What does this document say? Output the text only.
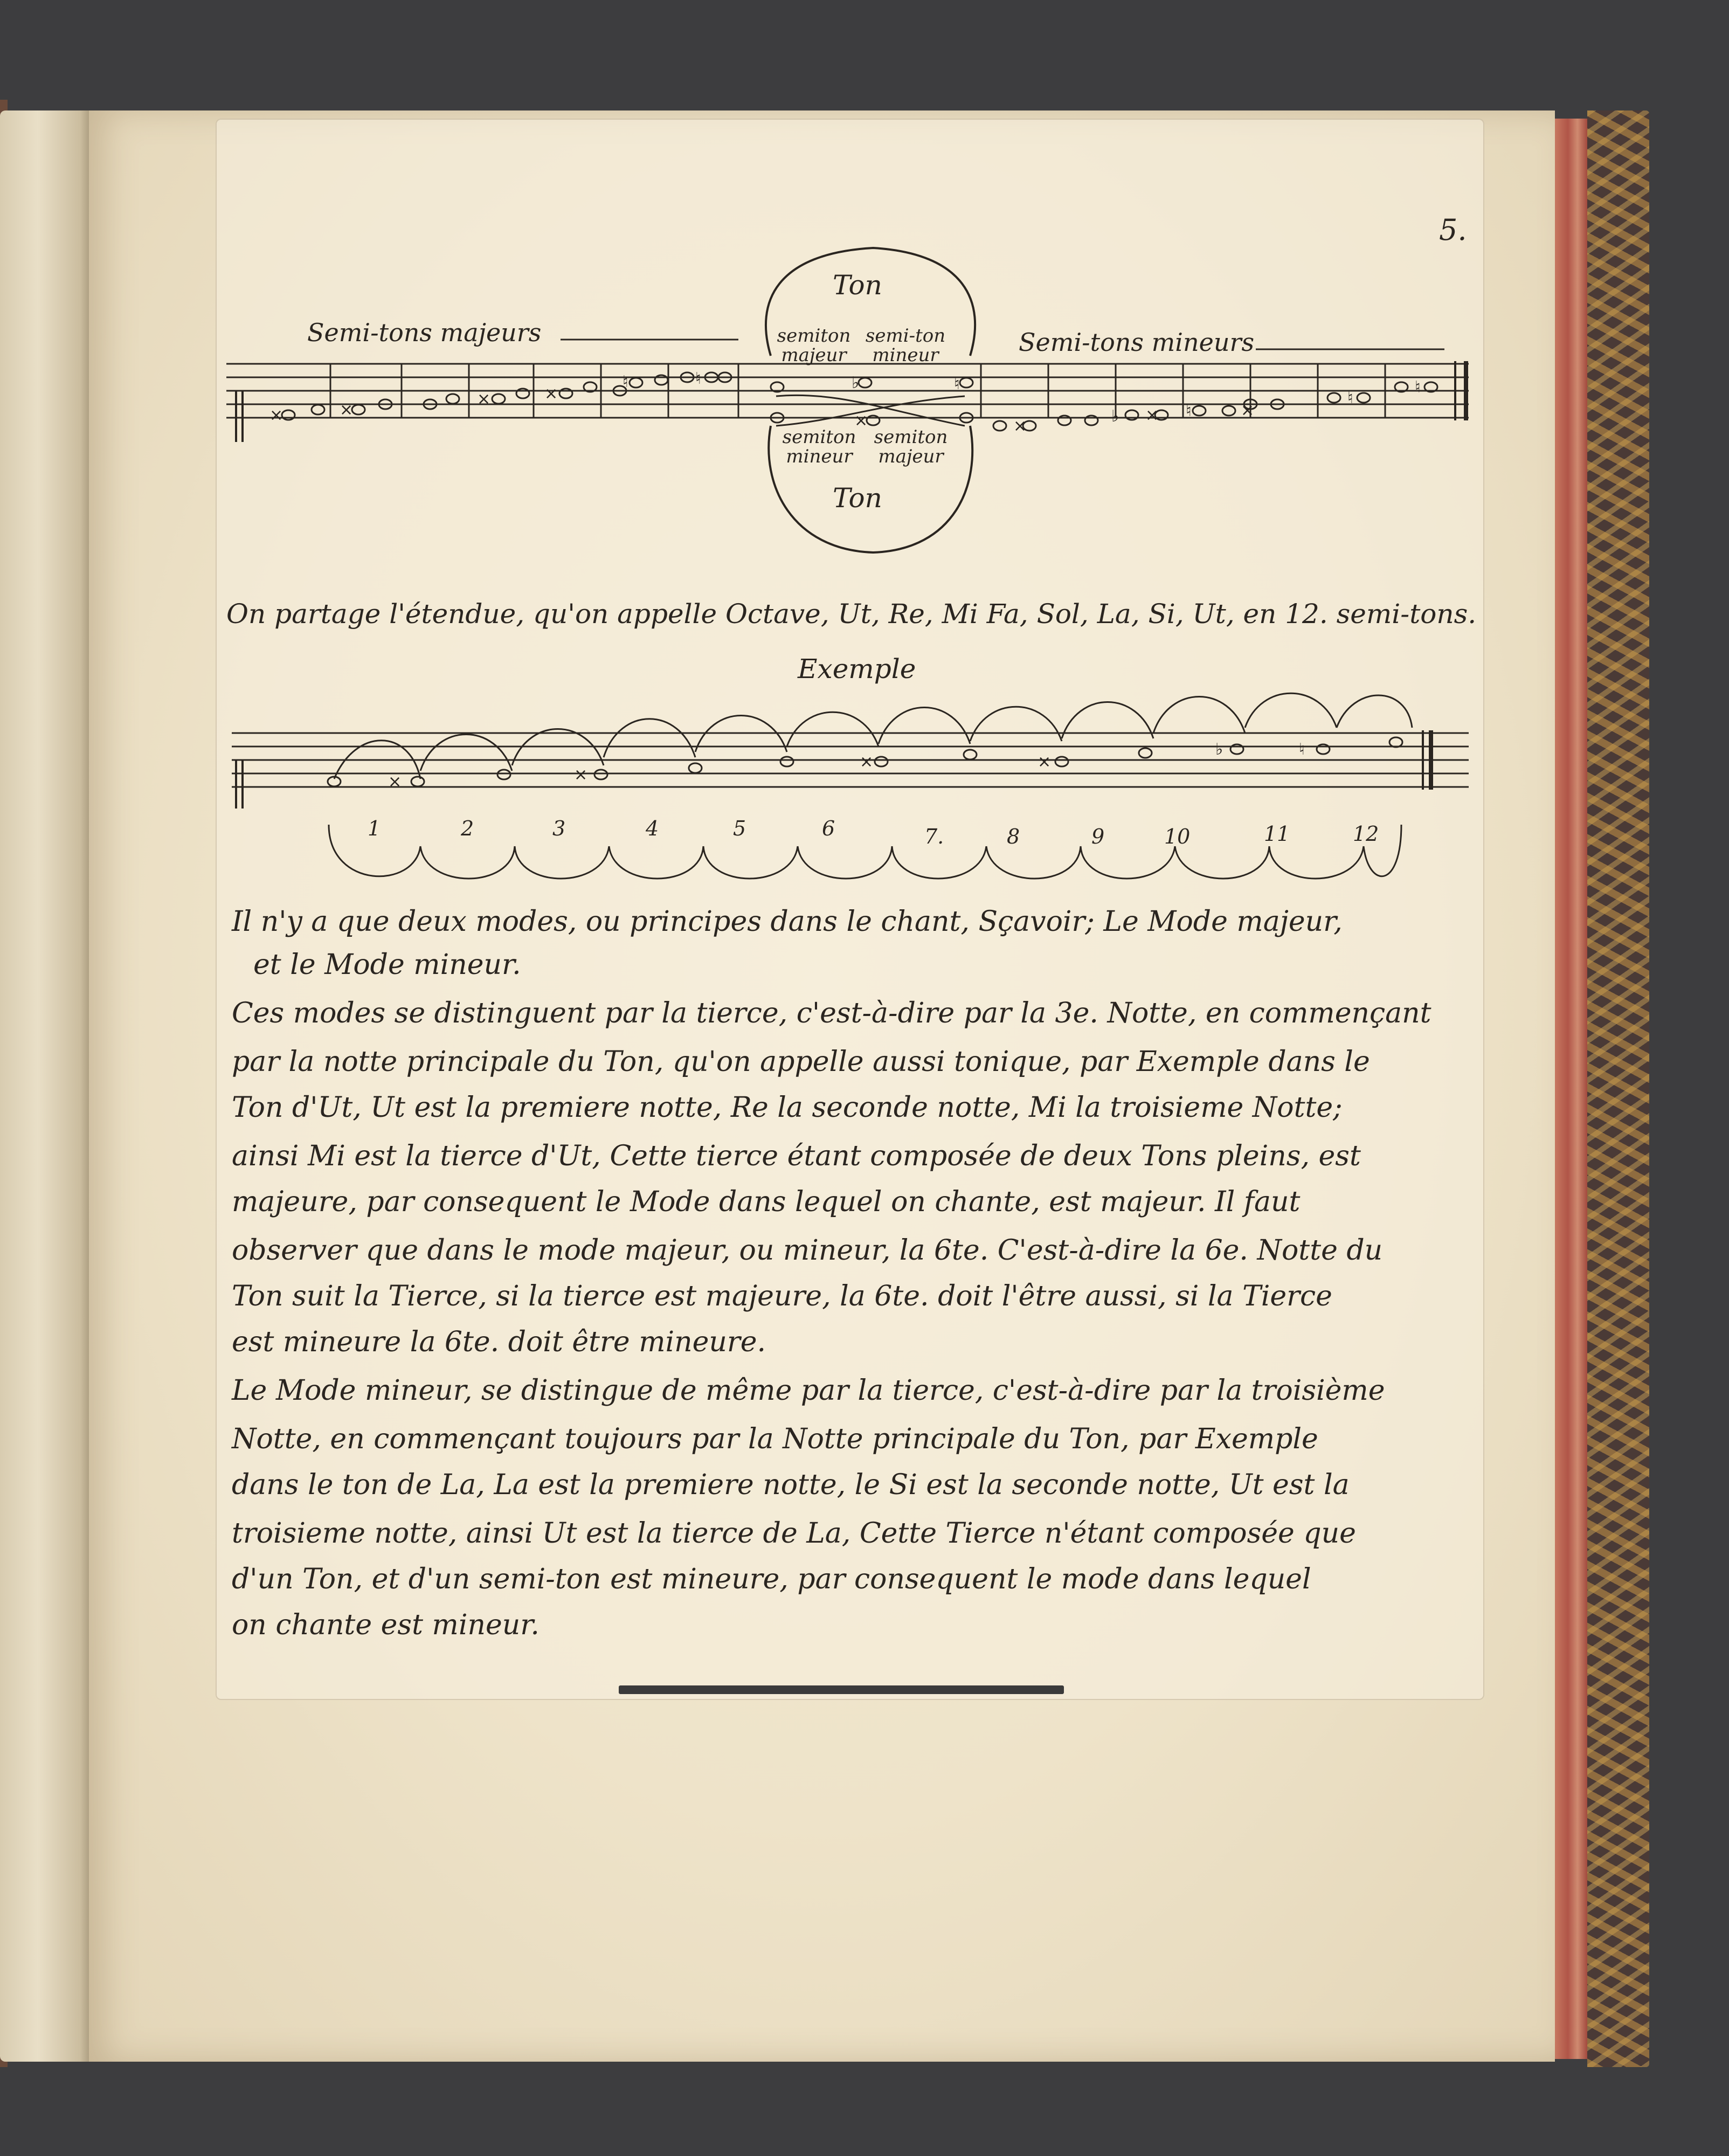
5.
×	×
×	×
×	×
×	×
♮	♮	♭	♮
♭	♮
♮
♮
Ton
Ton
Semi-tons majeurs	Semi-tons mineurs
semiton majeur
semi-ton mineur
semiton mineur
semiton majeur
On partage l'étendue, qu'on appelle Octave, Ut, Re, Mi Fa, Sol, La, Si, Ut, en 12. semi-tons.
Exemple
×	×
×	×
♭	♮
1	2	3	4	5	6	7.	8	9	10	11	12
Il n'y a que deux modes, ou principes dans le chant, Sçavoir; Le Mode majeur,
et le Mode mineur.
Ces modes se distinguent par la tierce, c'est-à-dire par la 3e. Notte, en commençant
par la notte principale du Ton, qu'on appelle aussi tonique, par Exemple dans le
Ton d'Ut, Ut est la premiere notte, Re la seconde notte, Mi la troisieme Notte;
ainsi Mi est la tierce d'Ut, Cette tierce étant composée de deux Tons pleins, est
majeure, par consequent le Mode dans lequel on chante, est majeur. Il faut
observer que dans le mode majeur, ou mineur, la 6te. C'est-à-dire la 6e. Notte du
Ton suit la Tierce, si la tierce est majeure, la 6te. doit l'être aussi, si la Tierce
est mineure la 6te. doit être mineure.
Le Mode mineur, se distingue de même par la tierce, c'est-à-dire par la troisième
Notte, en commençant toujours par la Notte principale du Ton, par Exemple
dans le ton de La, La est la premiere notte, le Si est la seconde notte, Ut est la
troisieme notte, ainsi Ut est la tierce de La, Cette Tierce n'étant composée que
d'un Ton, et d'un semi-ton est mineure, par consequent le mode dans lequel
on chante est mineur.
